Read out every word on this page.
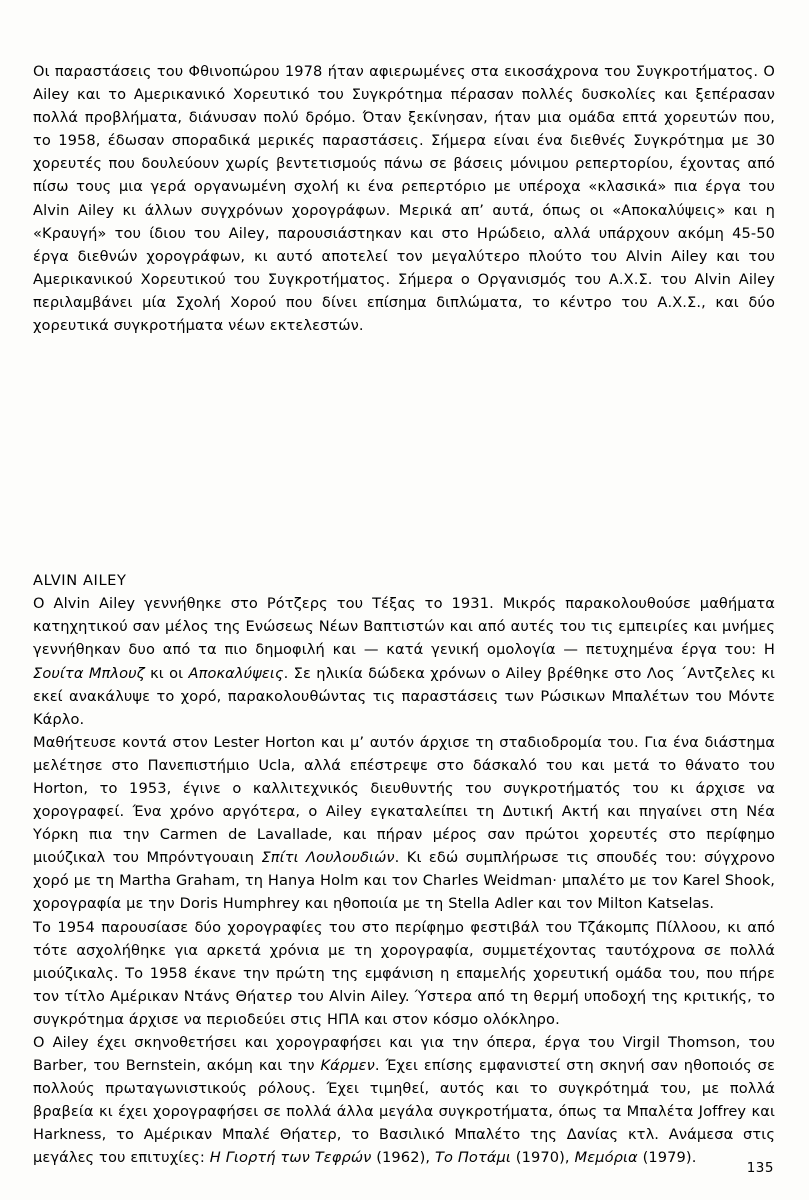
Οι παραστάσεις του Φθινοπώρου 1978 ήταν αφιερωμένες στα εικοσάχρονα του Συγκροτήματος. Ο Ailey και το Αμερικανικό Χορευτικό του Συγκρότημα πέρασαν πολλές δυσκολίες και ξεπέρασαν πολλά προβλήματα, διάνυσαν πολύ δρόμο. Όταν ξεκίνησαν, ήταν μια ομάδα επτά χορευτών που, το 1958, έδωσαν σποραδικά μερικές παραστάσεις. Σήμερα είναι ένα διεθνές Συγκρότημα με 30 χορευτές που δουλεύουν χωρίς βεντετισμούς πάνω σε βάσεις μόνιμου ρεπερτορίου, έχοντας από πίσω τους μια γερά οργανωμένη σχολή κι ένα ρεπερτόριο με υπέροχα «κλασικά» πια έργα του Alvin Ailey κι άλλων συγχρόνων χορογράφων. Μερικά απ’ αυτά, όπως οι «Αποκαλύψεις» και η «Κραυγή» του ίδιου του Ailey, παρουσιάστηκαν και στο Ηρώδειο, αλλά υπάρχουν ακόμη 45-50 έργα διεθνών χορογράφων, κι αυτό αποτελεί τον μεγαλύτερο πλούτο του Alvin Ailey και του Αμερικανικού Χορευτικού του Συγκροτήματος. Σήμερα ο Οργανισμός του Α.Χ.Σ. του Alvin Ailey περιλαμβάνει μία Σχολή Χορού που δίνει επίσημα διπλώματα, το κέντρο του Α.Χ.Σ., και δύο χορευτικά συγκροτήματα νέων εκτελεστών.

ALVIN AILEY

Ο Alvin Ailey γεννήθηκε στο Ρότζερς του Τέξας το 1931. Μικρός παρακολουθούσε μαθήματα κατηχητικού σαν μέλος της Ενώσεως Νέων Βαπτιστών και από αυτές του τις εμπειρίες και μνήμες γεννήθηκαν δυο από τα πιο δημοφιλή και — κατά γενική ομολογία — πετυχημένα έργα του: Η Σουίτα Μπλουζ κι οι Αποκαλύψεις. Σε ηλικία δώδεκα χρόνων ο Ailey βρέθηκε στο Λος ΄Αντζελες κι εκεί ανακάλυψε το χορό, παρακολουθώντας τις παραστάσεις των Ρώσικων Μπαλέτων του Μόντε Κάρλο.

Μαθήτευσε κοντά στον Lester Horton και μ’ αυτόν άρχισε τη σταδιοδρομία του. Για ένα διάστημα μελέτησε στο Πανεπιστήμιο Ucla, αλλά επέστρεψε στο δάσκαλό του και μετά το θάνατο του Horton, το 1953, έγινε ο καλλιτεχνικός διευθυντής του συγκροτήματός του κι άρχισε να χορογραφεί. Ένα χρόνο αργότερα, ο Ailey εγκαταλείπει τη Δυτική Ακτή και πηγαίνει στη Νέα Υόρκη πια την Carmen de Lavallade, και πήραν μέρος σαν πρώτοι χορευτές στο περίφημο μιούζικαλ του Μπρόντγουαιη Σπίτι Λουλουδιών. Κι εδώ συμπλήρωσε τις σπουδές του: σύγχρονο χορό με τη Martha Graham, τη Hanya Holm και τον Charles Weidman· μπαλέτο με τον Karel Shook, χορογραφία με την Doris Humphrey και ηθοποιία με τη Stella Adler και τον Milton Katselas.

Το 1954 παρουσίασε δύο χορογραφίες του στο περίφημο φεστιβάλ του Τζάκομπς Πίλλοου, κι από τότε ασχολήθηκε για αρκετά χρόνια με τη χορογραφία, συμμετέχοντας ταυτόχρονα σε πολλά μιούζικαλς. Το 1958 έκανε την πρώτη της εμφάνιση η επαμελής χορευτική ομάδα του, που πήρε τον τίτλο Αμέρικαν Ντάνς Θήατερ του Alvin Ailey. Ύστερα από τη θερμή υποδοχή της κριτικής, το συγκρότημα άρχισε να περιοδεύει στις ΗΠΑ και στον κόσμο ολόκληρο.

Ο Ailey έχει σκηνοθετήσει και χορογραφήσει και για την όπερα, έργα του Virgil Thomson, του Barber, του Bernstein, ακόμη και την Κάρμεν. Έχει επίσης εμφανιστεί στη σκηνή σαν ηθοποιός σε πολλούς πρωταγωνιστικούς ρόλους. Έχει τιμηθεί, αυτός και το συγκρότημά του, με πολλά βραβεία κι έχει χορογραφήσει σε πολλά άλλα μεγάλα συγκροτήματα, όπως τα Μπαλέτα Joffrey και Harkness, το Αμέρικαν Μπαλέ Θήατερ, το Βασιλικό Μπαλέτο της Δανίας κτλ. Ανάμεσα στις μεγάλες του επιτυχίες: Η Γιορτή των Τεφρών (1962), Το Ποτάμι (1970), Μεμόρια (1979).

135
